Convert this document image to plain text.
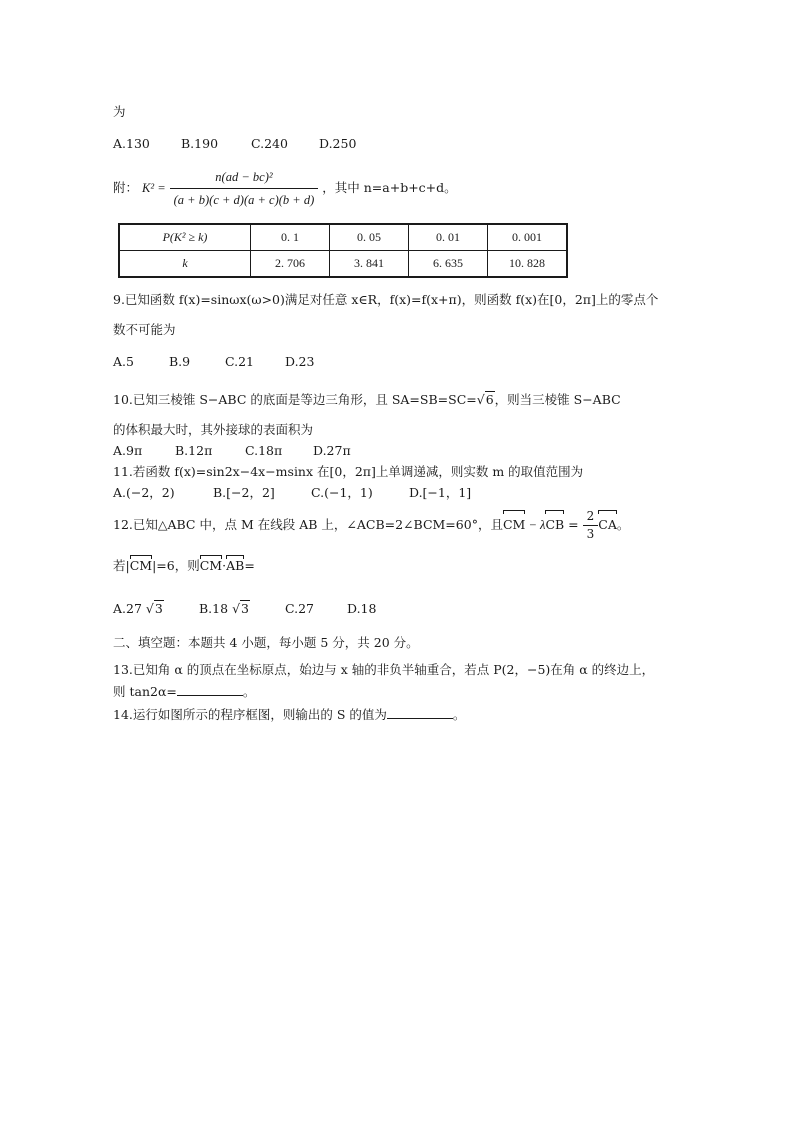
为
A.130 B.190	C.240 D.250
附： $K^2 = \frac{\text{n(ad − bc)²}}{(a + b)(c + d)(a + c)(b + d)}$ ，其中 n=a+b+c+d。
P(K² ≥ k)	0. 1	0. 05	0. 01	0. 001
k	2. 706	3. 841	6. 635	10. 828
9.已知函数 f(x)=sinωx(ω>0)满足对任意 x∈R，f(x)=f(x+π)，则函数 f(x)在[0，2π]上的零点个
数不可能为
A.5	B.9	C.21 D.23
10.已知三棱锥 S−ABC 的底面是等边三角形，且 SA=SB=SC=√6，则当三棱锥 S−ABC
的体积最大时，其外接球的表面积为
A.9π	B.12π	C.18π D.27π
11.若函数 f(x)=sin2x−4x−msinx 在[0，2π]上单调递减，则实数 m 的取值范围为
A.(−2，2)	B.[−2，2]	C.(−1，1)	D.[−1，1]
12.已知△ABC 中，点 M 在线段 AB 上，∠ACB=2∠BCM=60°，且CM − $\lambda CB = \frac{2}{3}$ CA。
若|CM|=6，则CM·AB=
A.27 √3	B.18 √3	C.27	D.18
二、填空题：本题共 4 小题，每小题 5 分，共 20 分。
13.已知角 α 的顶点在坐标原点，始边与 x 轴的非负半轴重合，若点 P(2，−5)在角 α 的终边上，
则 tan2α=	。
14.运行如图所示的程序框图，则输出的 S 的值为	。
